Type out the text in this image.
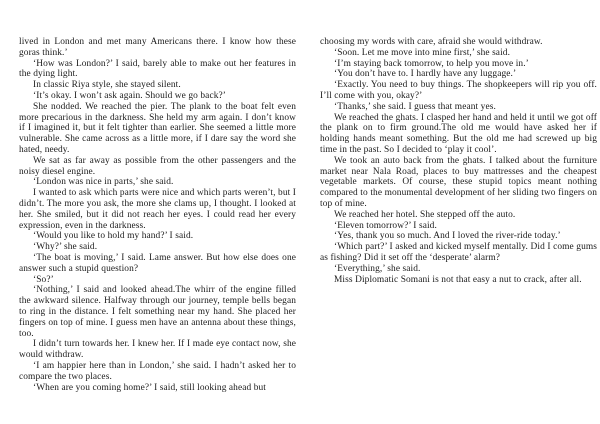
lived in London and met many Americans there. I know how these goras think.’

‘How was London?’ I said, barely able to make out her features in the dying light.

In classic Riya style, she stayed silent.

‘It’s okay. I won’t ask again. Should we go back?’

She nodded. We reached the pier. The plank to the boat felt even more precarious in the darkness. She held my arm again. I don’t know if I imagined it, but it felt tighter than earlier. She seemed a little more vulnerable. She came across as a little more, if I dare say the word she hated, needy.

We sat as far away as possible from the other passengers and the noisy diesel engine.

‘London was nice in parts,’ she said.

I wanted to ask which parts were nice and which parts weren’t, but I didn’t. The more you ask, the more she clams up, I thought. I looked at her. She smiled, but it did not reach her eyes. I could read her every expression, even in the darkness.

‘Would you like to hold my hand?’ I said.

‘Why?’ she said.

‘The boat is moving,’ I said. Lame answer. But how else does one answer such a stupid question?

‘So?’

‘Nothing,’ I said and looked ahead.The whirr of the engine filled the awkward silence. Halfway through our journey, temple bells began to ring in the distance. I felt something near my hand. She placed her fingers on top of mine. I guess men have an antenna about these things, too.

I didn’t turn towards her. I knew her. If I made eye contact now, she would withdraw.

‘I am happier here than in London,’ she said. I hadn’t asked her to compare the two places.

‘When are you coming home?’ I said, still looking ahead but

choosing my words with care, afraid she would withdraw.

‘Soon. Let me move into mine first,’ she said.

‘I’m staying back tomorrow, to help you move in.’

‘You don’t have to. I hardly have any luggage.’

‘Exactly. You need to buy things. The shopkeepers will rip you off. I’ll come with you, okay?’

‘Thanks,’ she said. I guess that meant yes.

We reached the ghats. I clasped her hand and held it until we got off the plank on to firm ground.The old me would have asked her if holding hands meant something. But the old me had screwed up big time in the past. So I decided to ‘play it cool’.

We took an auto back from the ghats. I talked about the furniture market near Nala Road, places to buy mattresses and the cheapest vegetable markets. Of course, these stupid topics meant nothing compared to the monumental development of her sliding two fingers on top of mine.

We reached her hotel. She stepped off the auto.

‘Eleven tomorrow?’ I said.

‘Yes, thank you so much. And I loved the river-ride today.’

‘Which part?’ I asked and kicked myself mentally. Did I come gums as fishing? Did it set off the ‘desperate’ alarm?

‘Everything,’ she said.

Miss Diplomatic Somani is not that easy a nut to crack, after all.
